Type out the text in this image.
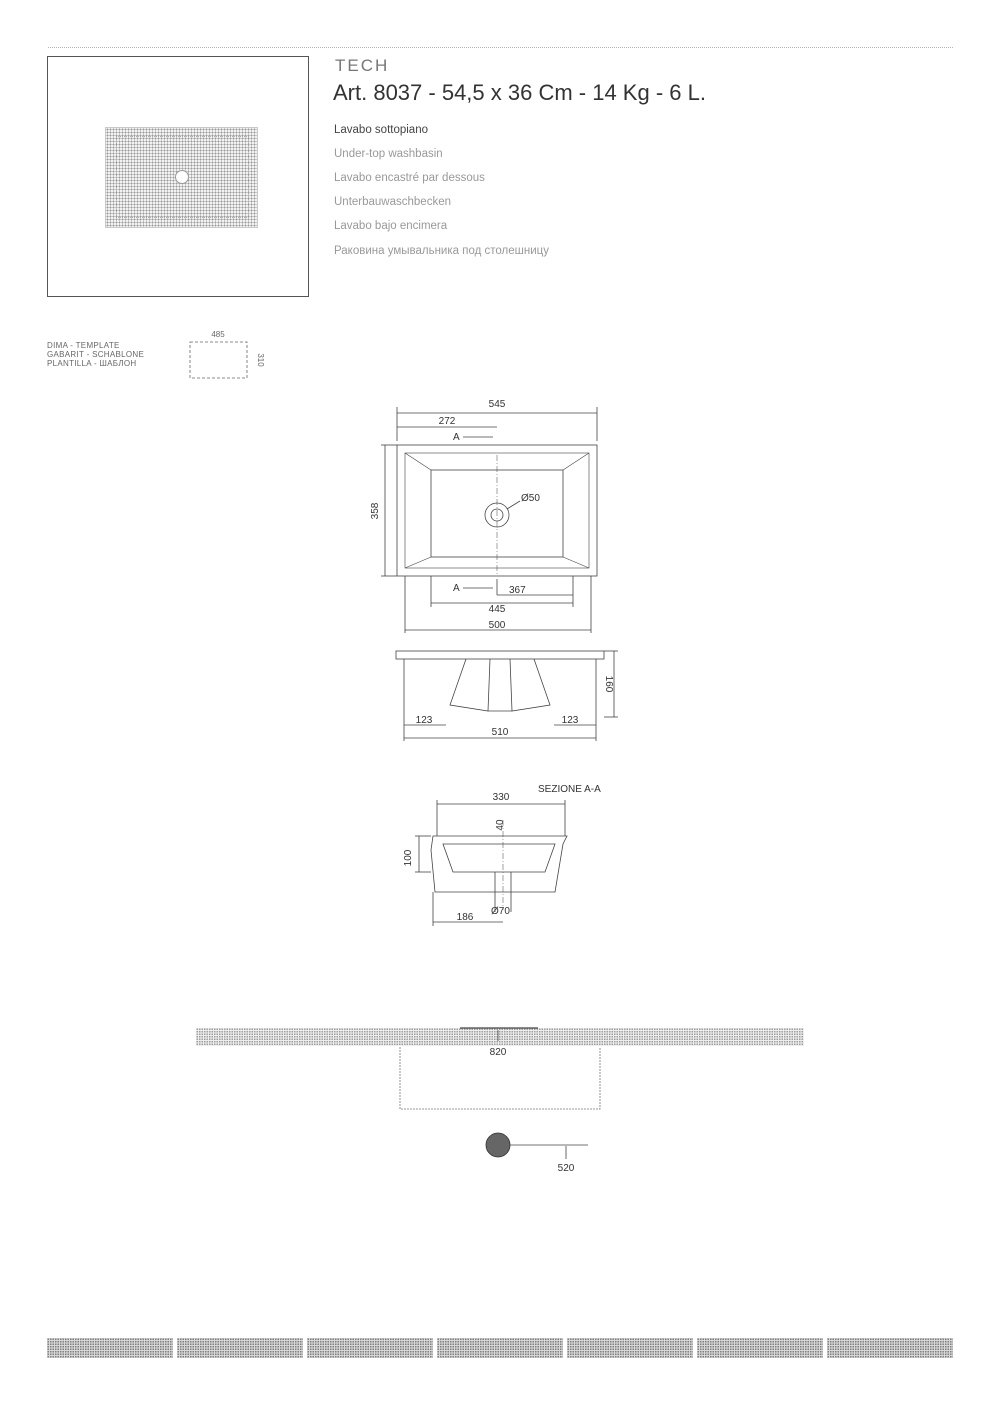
TECH
Art. 8037 - 54,5 x 36 Cm - 14 Kg - 6 L.
Lavabo sottopiano
Under-top washbasin
Lavabo encastré par dessous
Unterbauwaschbecken
Lavabo bajo encimera
Раковина умывальника под столешницу
DIMA - TEMPLATE
GABARIT - SCHABLONE
PLANTILLA - ШАБЛОН
485
310
545
272
A
Ø50
358
A	367
445
500
160
123	123
510
SEZIONE A-A
330
40
100
186
Ø70
820
520
